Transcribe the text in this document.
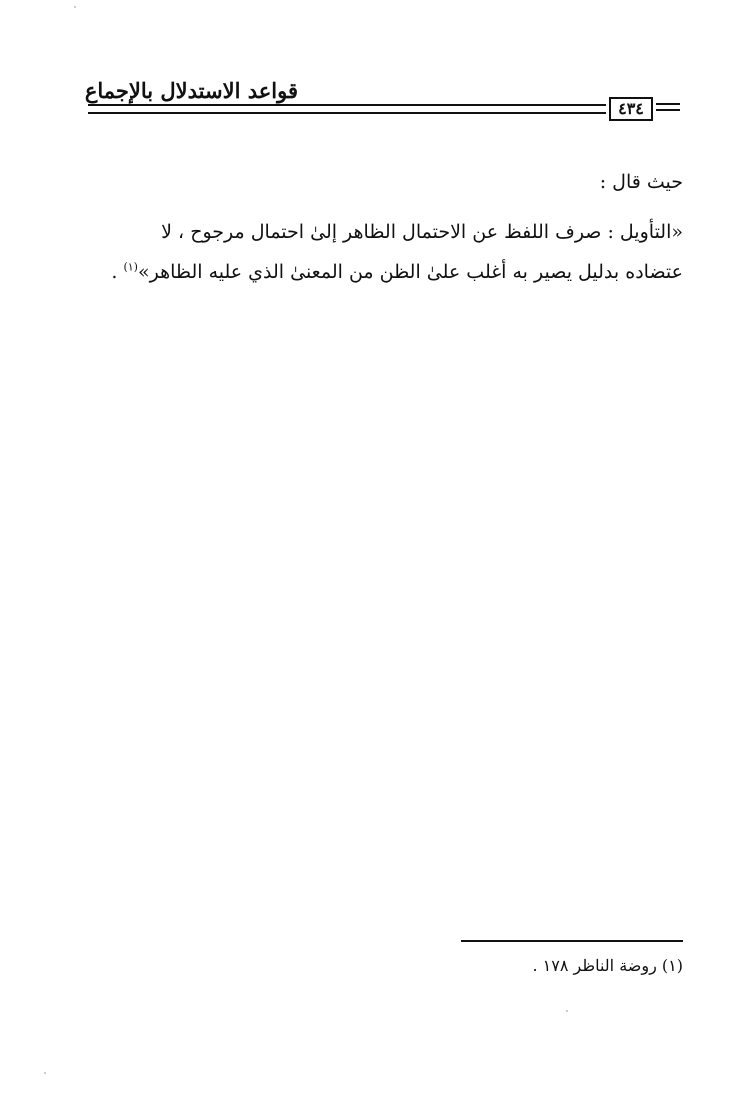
قواعد الاستدلال بالإجماع
٤٣٤
حيث قال :

«التأويل : صرف اللفظ عن الاحتمال الظاهر إلىٰ احتمال مرجوح ، لا

عتضاده بدليل يصير به أغلب علىٰ الظن من المعنىٰ الذي عليه الظاهر»$^{(١)}$ .

(١) روضة الناظر ١٧٨ .
